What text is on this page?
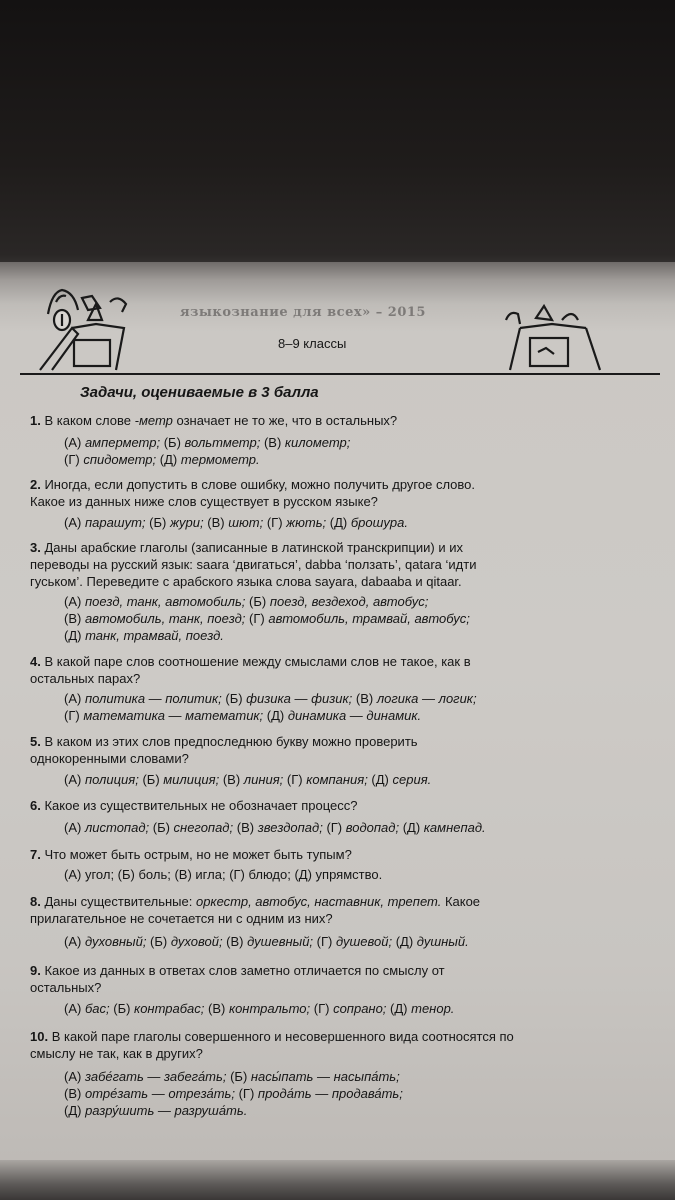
языкознание для всех» – 2015
8–9 классы
Задачи, оцениваемые в 3 балла
1. В каком слове -метр означает не то же, что в остальных?
(А) амперметр; (Б) вольтметр; (В) километр;
(Г) спидометр; (Д) термометр.
2. Иногда, если допустить в слове ошибку, можно получить другое слово.
Какое из данных ниже слов существует в русском языке?
(А) парашут; (Б) жури; (В) шют; (Г) жють; (Д) брошура.
3. Даны арабские глаголы (записанные в латинской транскрипции) и их
переводы на русский язык: saara ‘двигаться’, dabba ‘ползать’, qatara ‘идти
гуськом’. Переведите с арабского языка слова sayara, dabaaba и qitaar.
(А) поезд, танк, автомобиль; (Б) поезд, вездеход, автобус;
(В) автомобиль, танк, поезд; (Г) автомобиль, трамвай, автобус;
(Д) танк, трамвай, поезд.
4. В какой паре слов соотношение между смыслами слов не такое, как в
остальных парах?
(А) политика — политик; (Б) физика — физик; (В) логика — логик;
(Г) математика — математик; (Д) динамика — динамик.
5. В каком из этих слов предпоследнюю букву можно проверить
однокоренными словами?
(А) полиция; (Б) милиция; (В) линия; (Г) компания; (Д) серия.
6. Какое из существительных не обозначает процесс?
(А) листопад; (Б) снегопад; (В) звездопад; (Г) водопад; (Д) камнепад.
7. Что может быть острым, но не может быть тупым?
(А) угол; (Б) боль; (В) игла; (Г) блюдо; (Д) упрямство.
8. Даны существительные: оркестр, автобус, наставник, трепет. Какое
прилагательное не сочетается ни с одним из них?
(А) духовный; (Б) духовой; (В) душевный; (Г) душевой; (Д) душный.
9. Какое из данных в ответах слов заметно отличается по смыслу от
остальных?
(А) бас; (Б) контрабас; (В) контральто; (Г) сопрано; (Д) тенор.
10. В какой паре глаголы совершенного и несовершенного вида соотносятся по
смыслу не так, как в других?
(А) забе́гать — забега́ть; (Б) насы́пать — насыпа́ть;
(В) отре́зать — отреза́ть; (Г) прода́ть — продава́ть;
(Д) разру́шить — разруша́ть.
